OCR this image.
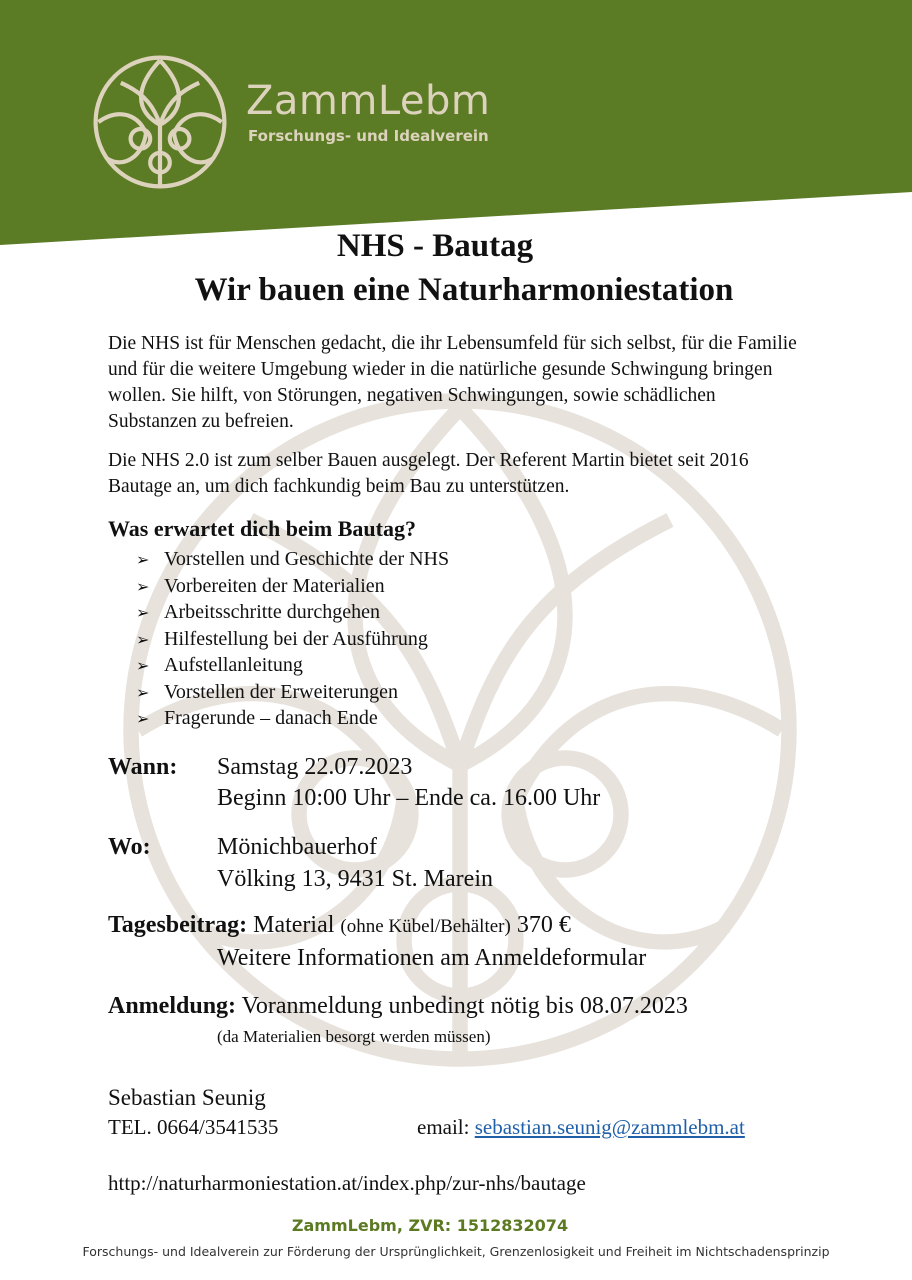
ZammLebm
Forschungs- und Idealverein
NHS - Bautag
Wir bauen eine Naturharmoniestation
Die NHS ist für Menschen gedacht, die ihr Lebensumfeld für sich selbst, für die Familie und für die weitere Umgebung wieder in die natürliche gesunde Schwingung bringen wollen. Sie hilft, von Störungen, negativen Schwingungen, sowie schädlichen Substanzen zu befreien.
Die NHS 2.0 ist zum selber Bauen ausgelegt. Der Referent Martin bietet seit 2016 Bautage an, um dich fachkundig beim Bau zu unterstützen.
Was erwartet dich beim Bautag?
➢ Vorstellen und Geschichte der NHS
➢ Vorbereiten der Materialien
➢ Arbeitsschritte durchgehen
➢ Hilfestellung bei der Ausführung
➢ Aufstellanleitung
➢ Vorstellen der Erweiterungen
➢ Fragerunde – danach Ende
Wann: Samstag 22.07.2023
Beginn 10:00 Uhr – Ende ca. 16.00 Uhr
Wo:	Mönichbauerhof
Völking 13, 9431 St. Marein
Tagesbeitrag: Material (ohne Kübel/Behälter) 370 €
Weitere Informationen am Anmeldeformular
Anmeldung: Voranmeldung unbedingt nötig bis 08.07.2023
(da Materialien besorgt werden müssen)
Sebastian Seunig
TEL. 0664/3541535	email: sebastian.seunig@zammlebm.at
http://naturharmoniestation.at/index.php/zur-nhs/bautage
ZammLebm, ZVR: 1512832074
Forschungs- und Idealverein zur Förderung der Ursprünglichkeit, Grenzenlosigkeit und Freiheit im Nichtschadensprinzip
